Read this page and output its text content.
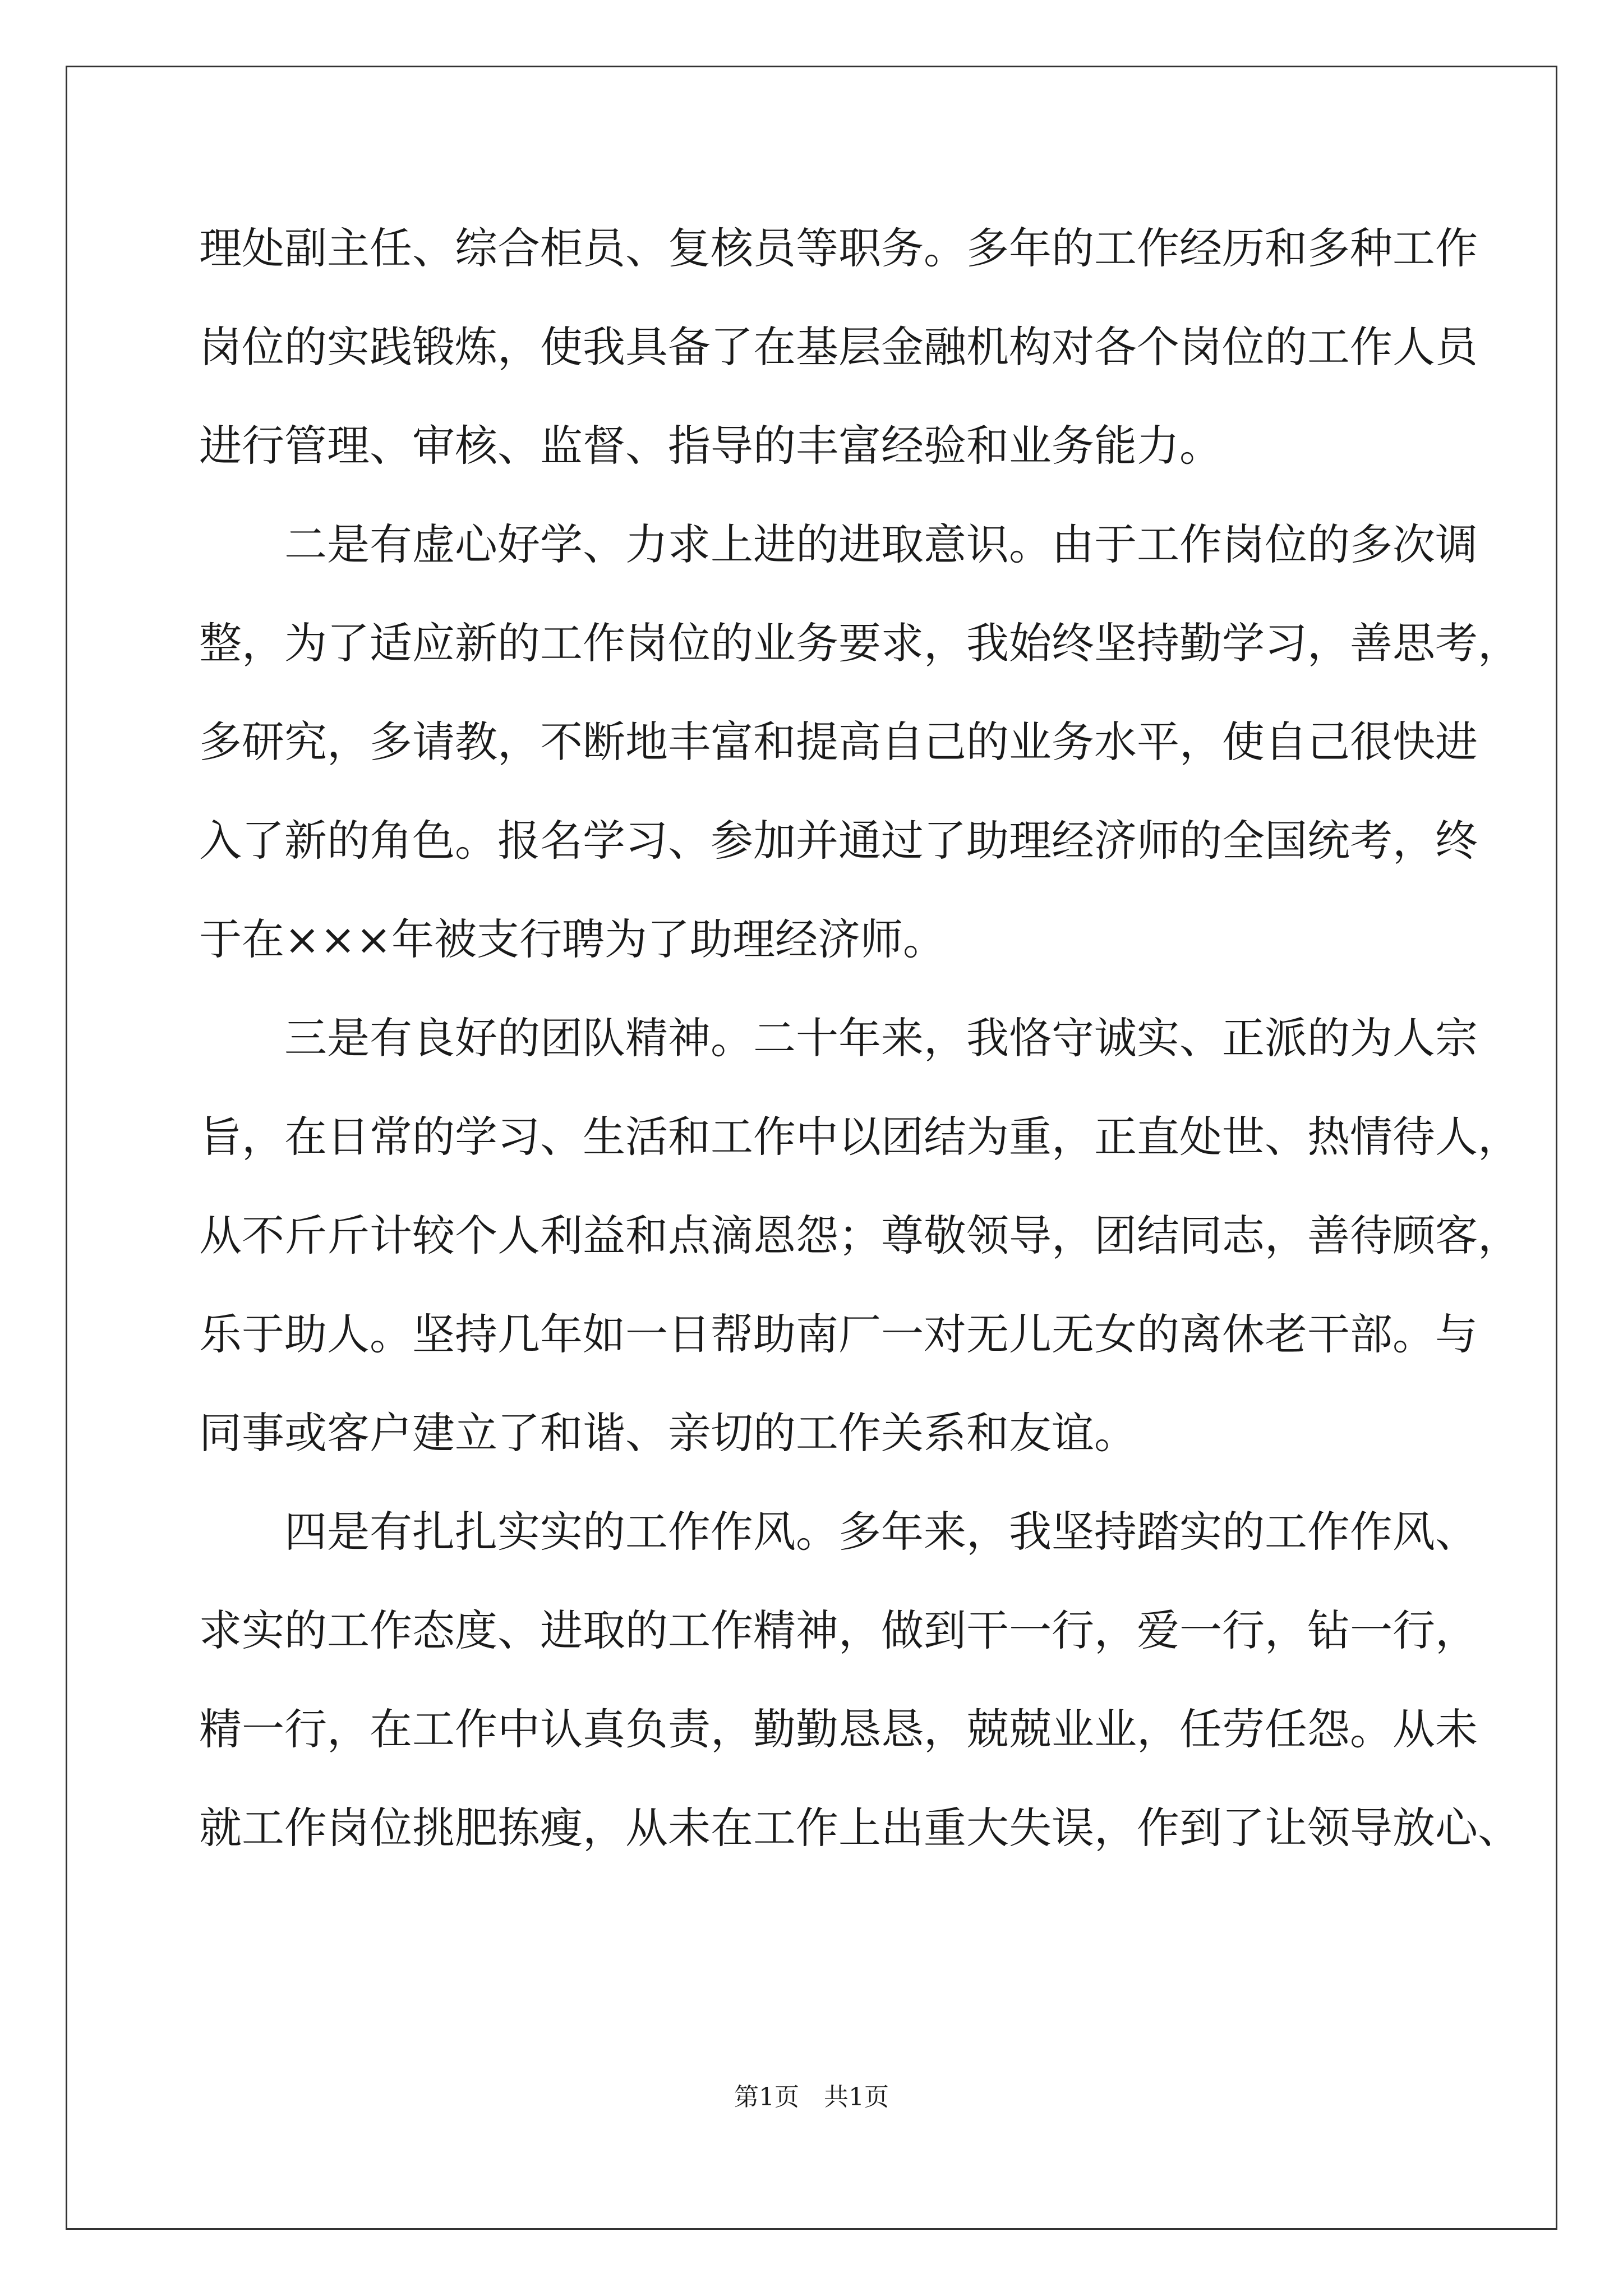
理处副主任、综合柜员、复核员等职务。多年的工作经历和多种工作
岗位的实践锻炼，使我具备了在基层金融机构对各个岗位的工作人员
进行管理、审核、监督、指导的丰富经验和业务能力。
二是有虚心好学、力求上进的进取意识。由于工作岗位的多次调
整，为了适应新的工作岗位的业务要求，我始终坚持勤学习，善思考，
多研究，多请教，不断地丰富和提高自己的业务水平，使自己很快进
入了新的角色。报名学习、参加并通过了助理经济师的全国统考，终
于在×××年被支行聘为了助理经济师。
三是有良好的团队精神。二十年来，我恪守诚实、正派的为人宗
旨，在日常的学习、生活和工作中以团结为重，正直处世、热情待人，
从不斤斤计较个人利益和点滴恩怨；尊敬领导，团结同志，善待顾客，
乐于助人。坚持几年如一日帮助南厂一对无儿无女的离休老干部。与
同事或客户建立了和谐、亲切的工作关系和友谊。
四是有扎扎实实的工作作风。多年来，我坚持踏实的工作作风、
求实的工作态度、进取的工作精神，做到干一行，爱一行，钻一行，
精一行，在工作中认真负责，勤勤恳恳，兢兢业业，任劳任怨。从未
就工作岗位挑肥拣瘦，从未在工作上出重大失误，作到了让领导放心、
第1页　共1页
